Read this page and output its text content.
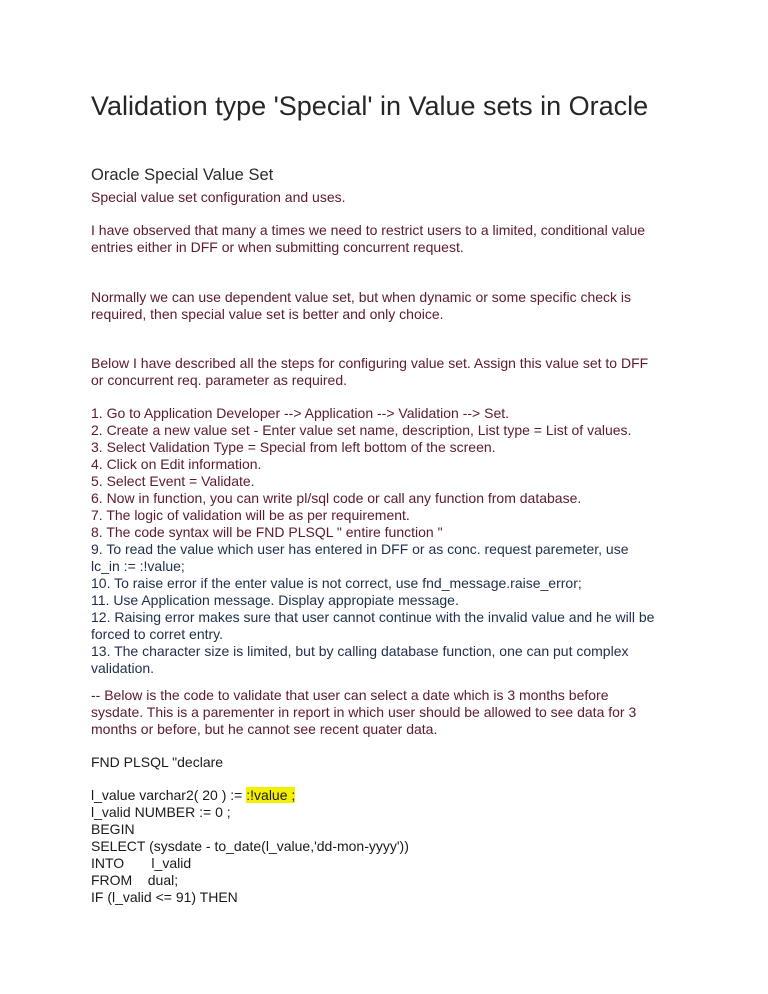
Validation type 'Special' in Value sets in Oracle
Oracle Special Value Set
Special value set configuration and uses.
I have observed that many a times we need to restrict users to a limited, conditional value
entries either in DFF or when submitting concurrent request.
Normally we can use dependent value set, but when dynamic or some specific check is
required, then special value set is better and only choice.
Below I have described all the steps for configuring value set. Assign this value set to DFF
or concurrent req. parameter as required.
1. Go to Application Developer --> Application --> Validation --> Set.
2. Create a new value set - Enter value set name, description, List type = List of values.
3. Select Validation Type = Special from left bottom of the screen.
4. Click on Edit information.
5. Select Event = Validate.
6. Now in function, you can write pl/sql code or call any function from database.
7. The logic of validation will be as per requirement.
8. The code syntax will be FND PLSQL " entire function "
9. To read the value which user has entered in DFF or as conc. request paremeter, use
lc_in := :!value;
10. To raise error if the enter value is not correct, use fnd_message.raise_error;
11. Use Application message. Display appropiate message.
12. Raising error makes sure that user cannot continue with the invalid value and he will be
forced to corret entry.
13. The character size is limited, but by calling database function, one can put complex
validation.
-- Below is the code to validate that user can select a date which is 3 months before
sysdate. This is a parementer in report in which user should be allowed to see data for 3
months or before, but he cannot see recent quater data.
FND PLSQL "declare
l_value varchar2( 20 ) := :!value ;
l_valid NUMBER := 0 ;
BEGIN
SELECT (sysdate - to_date(l_value,'dd-mon-yyyy'))
INTO       l_valid
FROM    dual;
IF (l_valid <= 91) THEN
